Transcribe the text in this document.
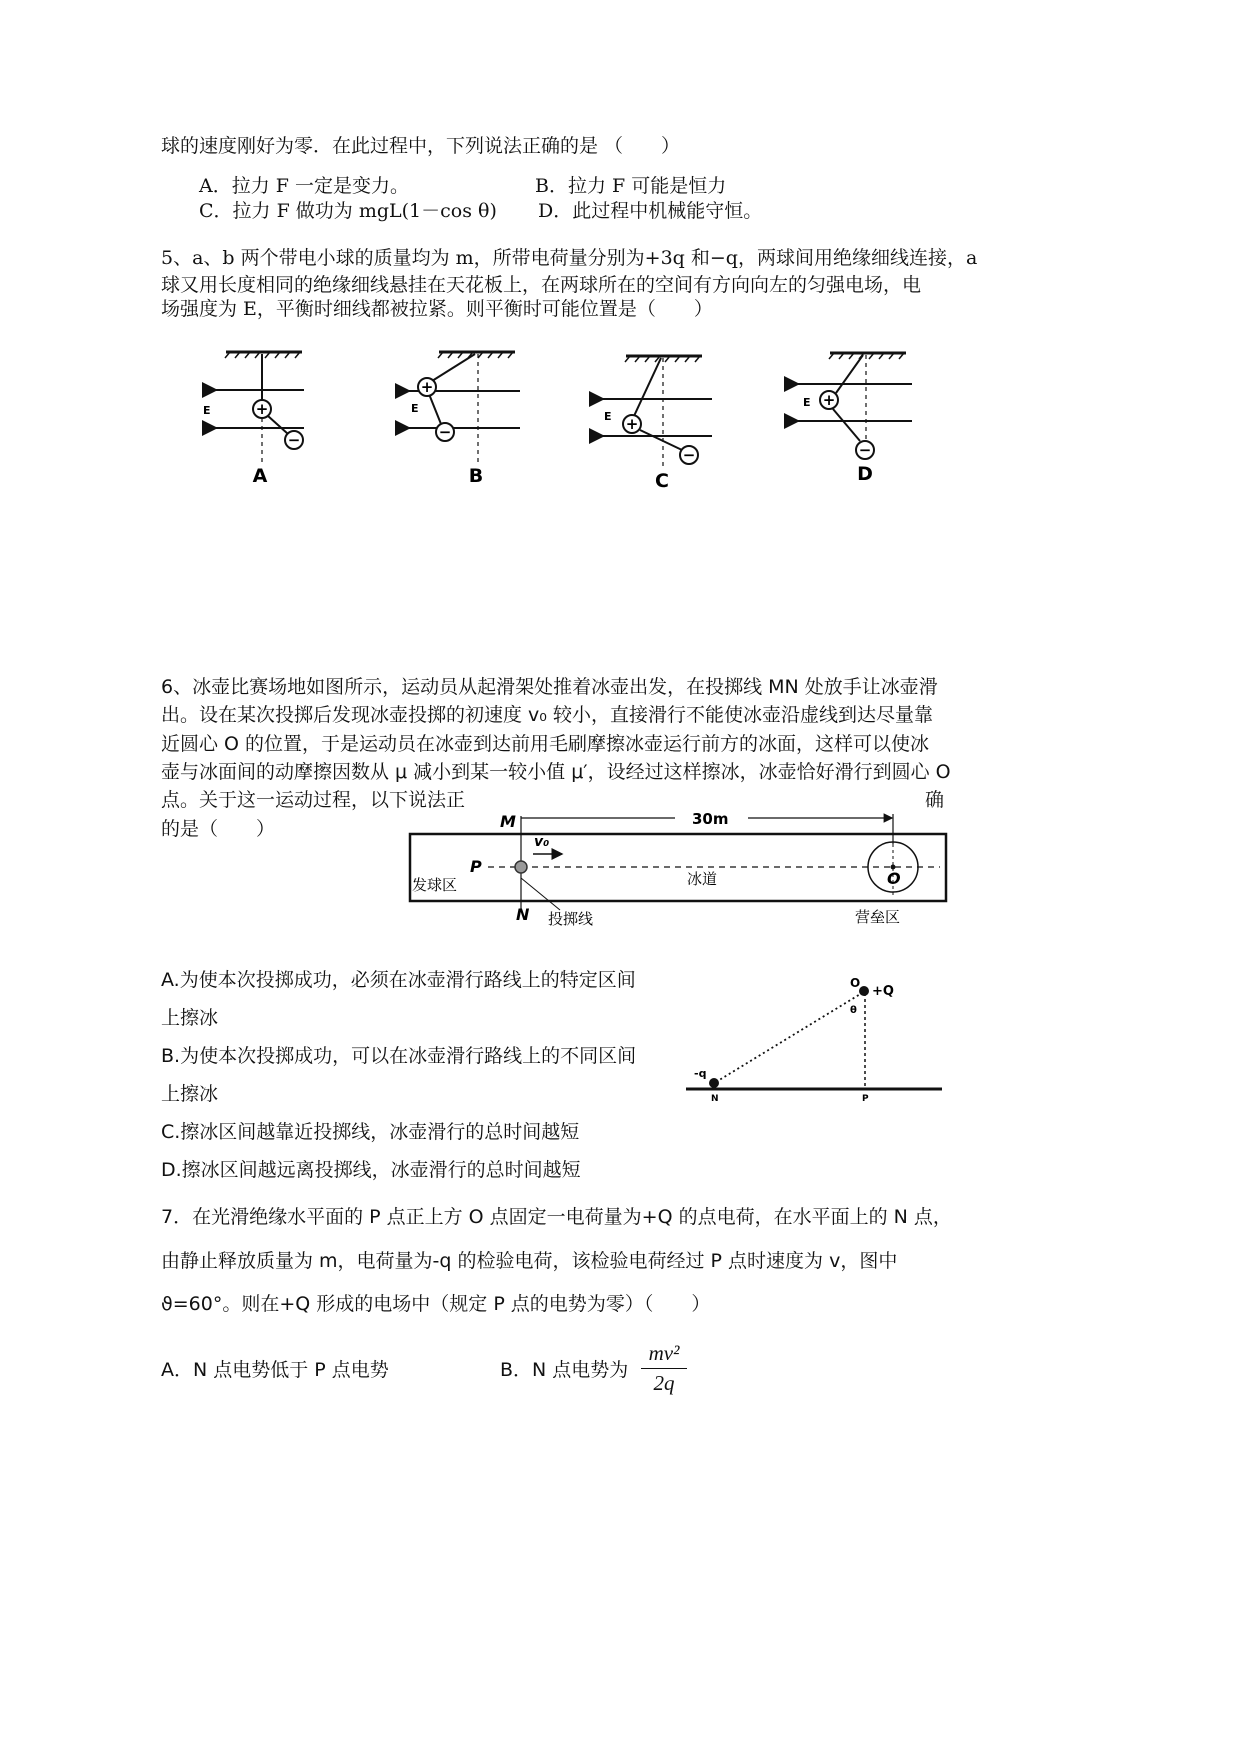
球的速度刚好为零．在此过程中，下列说法正确的是 （　　）
A．拉力 F 一定是变力。	B．拉力 F 可能是恒力
C．拉力 F 做功为 mgL(1－cos θ) D．此过程中机械能守恒。
5、a、b 两个带电小球的质量均为 m，所带电荷量分别为+3q 和−q，两球间用绝缘细线连接，a
球又用长度相同的绝缘细线悬挂在天花板上，在两球所在的空间有方向向左的匀强电场，电
场强度为 E，平衡时细线都被拉紧。则平衡时可能位置是（　　）
E	+
−
A
E
+
−
B
E +
−
C
E +
−
D
6、冰壶比赛场地如图所示，运动员从起滑架处推着冰壶出发，在投掷线 MN 处放手让冰壶滑
出。设在某次投掷后发现冰壶投掷的初速度 v₀ 较小，直接滑行不能使冰壶沿虚线到达尽量靠
近圆心 O 的位置，于是运动员在冰壶到达前用毛刷摩擦冰壶运行前方的冰面，这样可以使冰
壶与冰面间的动摩擦因数从 μ 减小到某一较小值 μ′，设经过这样擦冰，冰壶恰好滑行到圆心 O
点。关于这一运动过程，以下说法正	确
的是（　　）	M	30m
v₀
P
O
发球区	冰道
N 投掷线	营垒区
A.为使本次投掷成功，必须在冰壶滑行路线上的特定区间
上擦冰
B.为使本次投掷成功，可以在冰壶滑行路线上的不同区间
上擦冰
C.擦冰区间越靠近投掷线，冰壶滑行的总时间越短
D.擦冰区间越远离投掷线，冰壶滑行的总时间越短
O
+Q
θ
-q
N	P
7．在光滑绝缘水平面的 P 点正上方 O 点固定一电荷量为+Q 的点电荷，在水平面上的 N 点，
由静止释放质量为 m，电荷量为-q 的检验电荷，该检验电荷经过 P 点时速度为 v，图中
ϑ=60°。则在+Q 形成的电场中（规定 P 点的电势为零）（　　）
A．N 点电势低于 P 点电势	B．N 点电势为 $\frac{\text{mv²}}{2q}$
